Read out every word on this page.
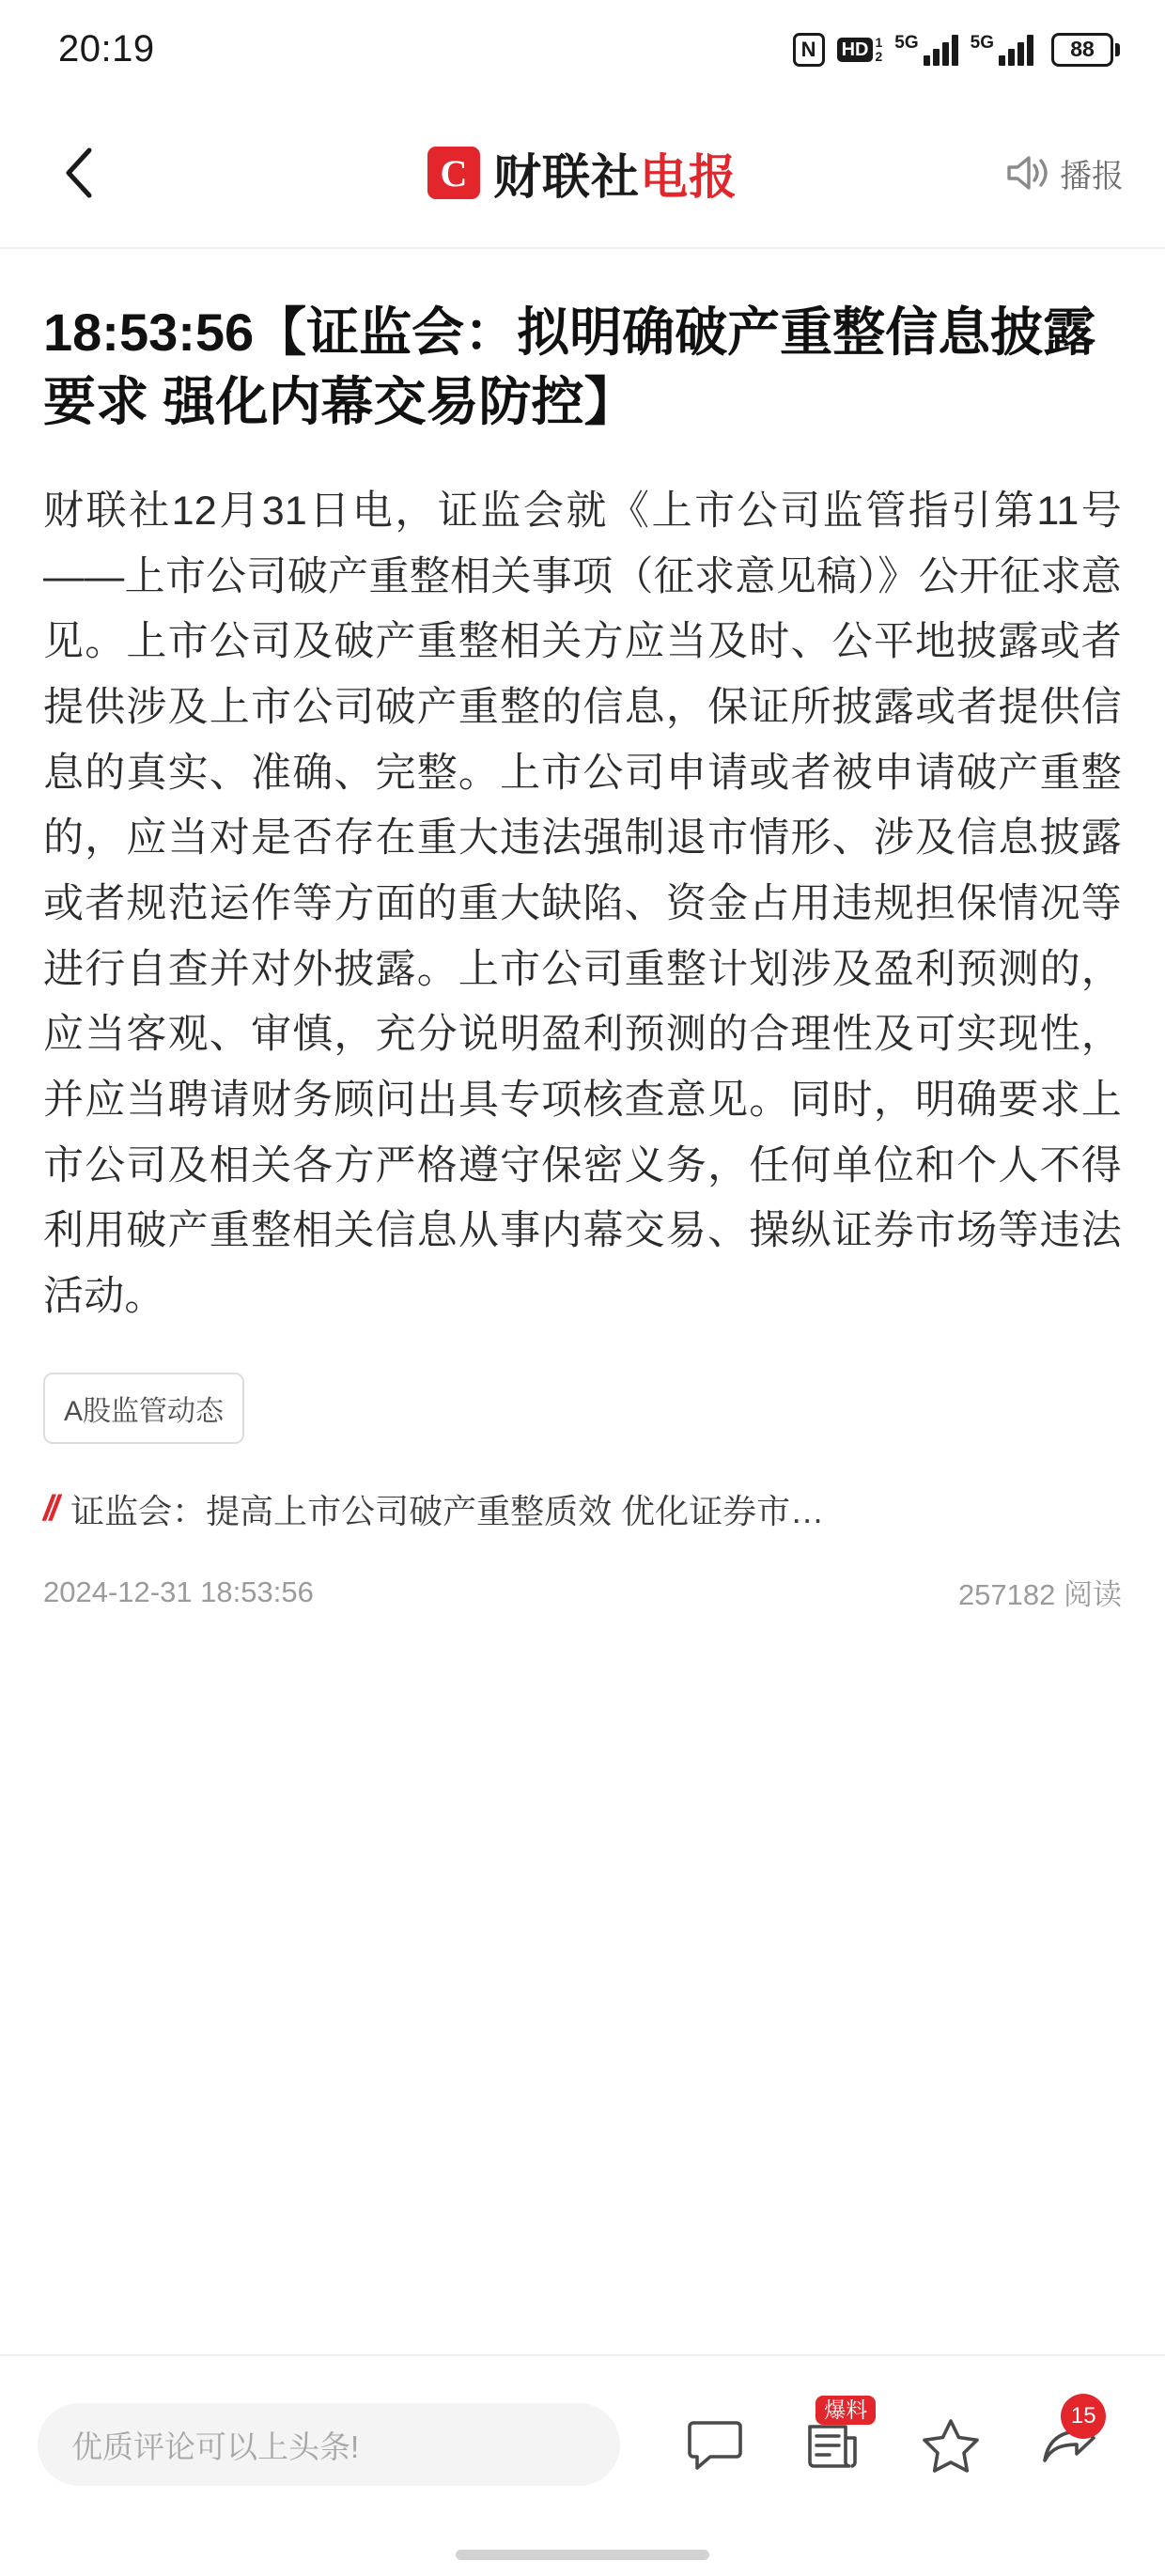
20:19	N	HD 1
2
5G	5G	88
C 财联社电报	播报
18:53:56【证监会：拟明确破产重整信息披露要求 强化内幕交易防控】

财联社12月31日电，证监会就《上市公司监管指引第11号——上市公司破产重整相关事项（征求意见稿）》公开征求意见。上市公司及破产重整相关方应当及时、公平地披露或者提供涉及上市公司破产重整的信息，保证所披露或者提供信息的真实、准确、完整。上市公司申请或者被申请破产重整的，应当对是否存在重大违法强制退市情形、涉及信息披露或者规范运作等方面的重大缺陷、资金占用违规担保情况等进行自查并对外披露。上市公司重整计划涉及盈利预测的，应当客观、审慎，充分说明盈利预测的合理性及可实现性，并应当聘请财务顾问出具专项核查意见。同时，明确要求上市公司及相关各方严格遵守保密义务，任何单位和个人不得利用破产重整相关信息从事内幕交易、操纵证券市场等违法活动。

A股监管动态
// 证监会：提高上市公司破产重整质效 优化证券市…
2024-12-31 18:53:56	257182 阅读
优质评论可以上头条!
爆料	15
